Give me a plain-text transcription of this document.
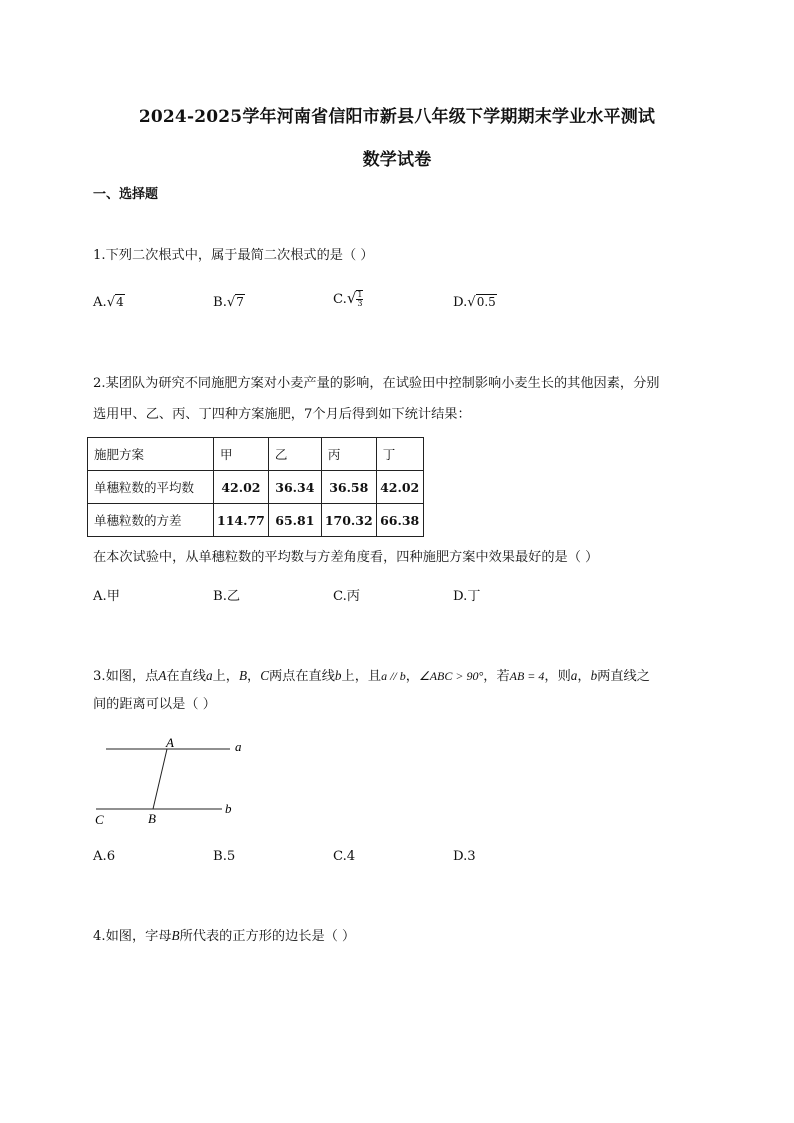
2024-2025学年河南省信阳市新县八年级下学期期末学业水平测试
数学试卷
一、选择题
1.下列二次根式中，属于最简二次根式的是（ ）
A.√4	B.√7	$C.√ \frac{1}{3}$	D.√0.5
2.某团队为研究不同施肥方案对小麦产量的影响，在试验田中控制影响小麦生长的其他因素，分别
选用甲、乙、丙、丁四种方案施肥，7个月后得到如下统计结果：
施肥方案	甲	乙	丙	丁
单穗粒数的平均数	42.02	36.34	36.58	42.02
单穗粒数的方差	114.77	65.81	170.32	66.38
在本次试验中，从单穗粒数的平均数与方差角度看，四种施肥方案中效果最好的是（ ）
A.甲	B.乙	C.丙	D.丁
3.如图，点A在直线a上，B，C两点在直线b上，且a // b，∠ABC > 90°，若AB = 4，则a，b两直线之
间的距离可以是（ ）
A	a
b
C	B
A.6	B.5	C.4	D.3
4.如图，字母B所代表的正方形的边长是（ ）
